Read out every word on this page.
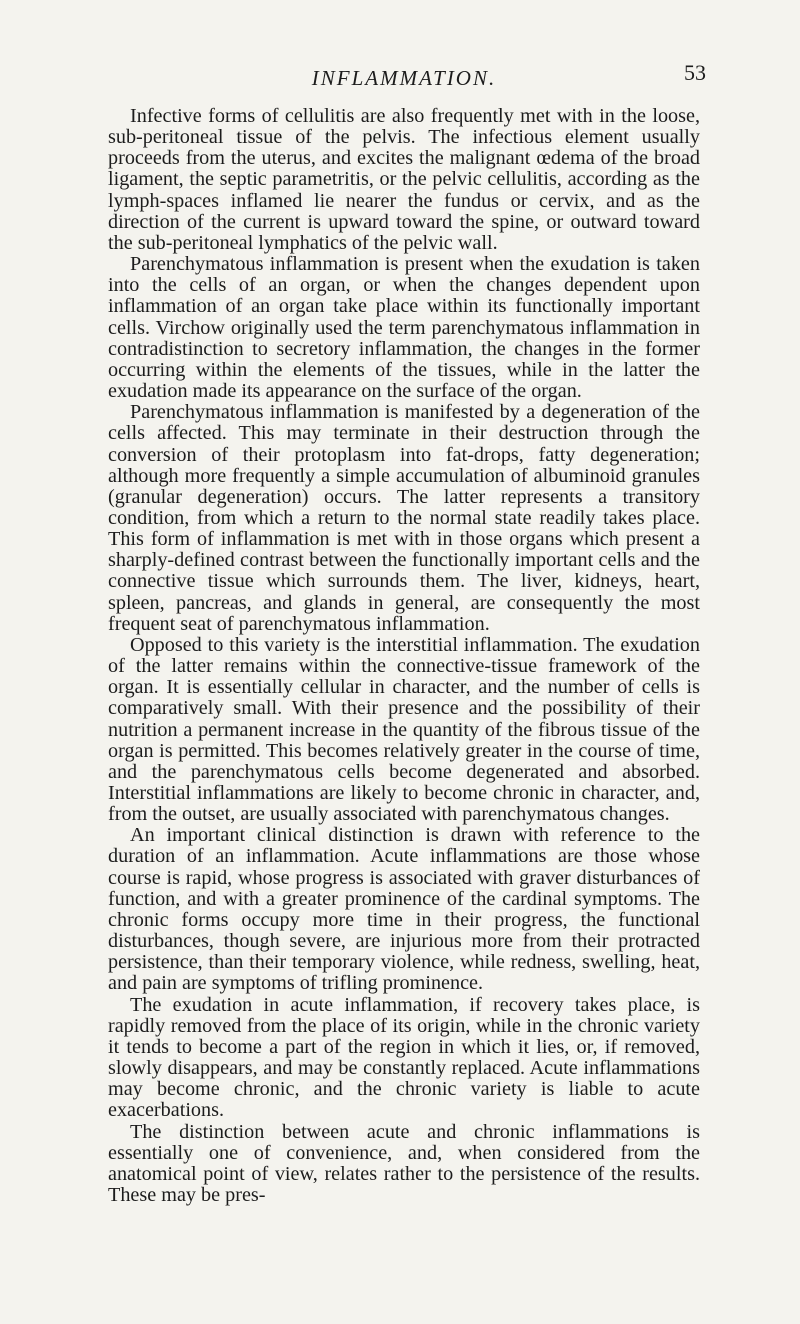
INFLAMMATION.	53

Infective forms of cellulitis are also frequently met with in the loose, sub-peritoneal tissue of the pelvis. The infectious element usually proceeds from the uterus, and excites the malignant œdema of the broad ligament, the septic parametritis, or the pelvic cellulitis, according as the lymph-spaces inflamed lie nearer the fundus or cervix, and as the direction of the current is upward toward the spine, or outward toward the sub-peritoneal lymphatics of the pelvic wall.

Parenchymatous inflammation is present when the exudation is taken into the cells of an organ, or when the changes dependent upon inflammation of an organ take place within its functionally important cells. Virchow originally used the term parenchymatous inflammation in contradistinction to secretory inflammation, the changes in the former occurring within the elements of the tissues, while in the latter the exudation made its appearance on the surface of the organ.

Parenchymatous inflammation is manifested by a degeneration of the cells affected. This may terminate in their destruction through the conversion of their protoplasm into fat-drops, fatty degeneration; although more frequently a simple accumulation of albuminoid granules (granular degeneration) occurs. The latter represents a transitory condition, from which a return to the normal state readily takes place. This form of inflammation is met with in those organs which present a sharply-defined contrast between the functionally important cells and the connective tissue which surrounds them. The liver, kidneys, heart, spleen, pancreas, and glands in general, are consequently the most frequent seat of parenchymatous inflammation.

Opposed to this variety is the interstitial inflammation. The exudation of the latter remains within the connective-tissue framework of the organ. It is essentially cellular in character, and the number of cells is comparatively small. With their presence and the possibility of their nutrition a permanent increase in the quantity of the fibrous tissue of the organ is permitted. This becomes relatively greater in the course of time, and the parenchymatous cells become degenerated and absorbed. Interstitial inflammations are likely to become chronic in character, and, from the outset, are usually associated with parenchymatous changes.

An important clinical distinction is drawn with reference to the duration of an inflammation. Acute inflammations are those whose course is rapid, whose progress is associated with graver disturbances of function, and with a greater prominence of the cardinal symptoms. The chronic forms occupy more time in their progress, the functional disturbances, though severe, are injurious more from their protracted persistence, than their temporary violence, while redness, swelling, heat, and pain are symptoms of trifling prominence.

The exudation in acute inflammation, if recovery takes place, is rapidly removed from the place of its origin, while in the chronic variety it tends to become a part of the region in which it lies, or, if removed, slowly disappears, and may be constantly replaced. Acute inflammations may become chronic, and the chronic variety is liable to acute exacerbations.

The distinction between acute and chronic inflammations is essentially one of convenience, and, when considered from the anatomical point of view, relates rather to the persistence of the results. These may be pres-
